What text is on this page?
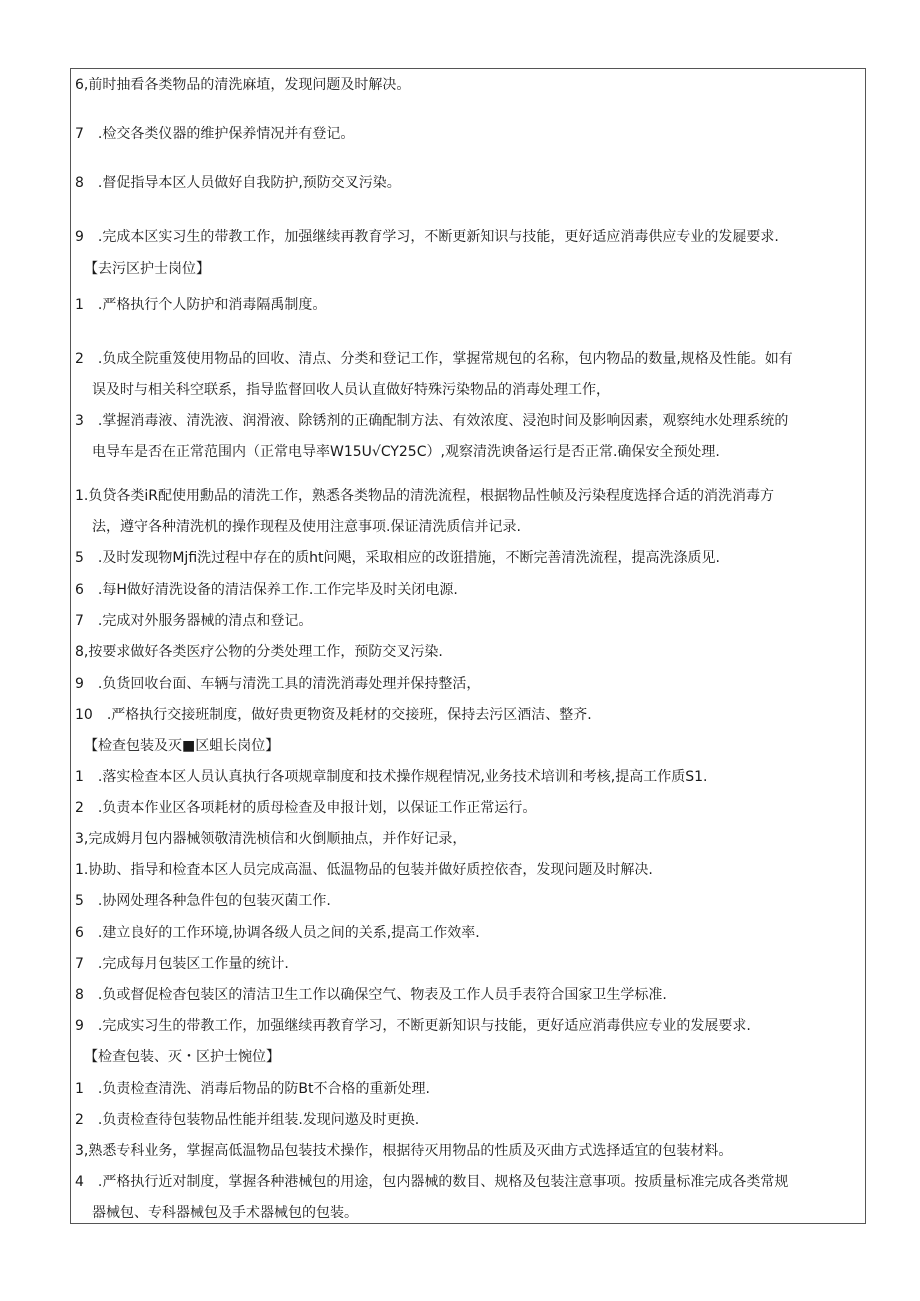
6,前时抽看各类物品的清洗麻埴，发现问题及时解决。
7　.检交各类仪器的维护保养情况并有登记。
8　.督促指导本区人员做好自我防护,预防交叉污染。
9　.完成本区实习生的带教工作，加强继续再教育学习，不断更新知识与技能，更好适应消毒供应专业的发屣要求.
【去污区护士岗位】
1　.严格执行个人防护和消毒隔禹制度。
2　.负成全院重笈使用物品的回收、清点、分类和登记工作，掌握常规包的名称，包内物品的数量,规格及性能。如有
误及时与相关科空联系，指导监督回收人员认直做好特殊污染物品的消毒处理工作，
3　.掌握消毒液、清洗液、润滑液、除锈剂的正确配制方法、有效浓度、浸泡时间及影响因素，观察纯水处理系统的
电导车是否在正常范围内（正常电导率W15U√CY25C）,观察清洗谀备运行是否正常.确保安全预处理.
1.负贷各类iR配使用勳品的清洗工作，熟悉各类物品的清洗流程，根据物品性帧及污染程度选择合适的消洗消毒方
法，遵守各种清洗机的操作现程及使用注意事项.保证清洗质信并记录.
5　.及时发现物Mjfi洗过程中存在的质ht问飓，采取相应的改诳措施，不断完善清洗流程，提高洗涤质见.
6　.每H做好清洗设备的清洁保养工作.工作完毕及时关闭电源.
7　.完成对外服务器械的清点和登记。
8,按要求做好各类医疗公物的分类处理工作，预防交叉污染.
9　.负货回收台面、车辆与清洗工具的清洗消毒处理并保持整活，
10　.严格执行交接班制度，做好贵更物资及耗材的交接班，保持去污区酒洁、整齐.
【检查包装及灭■区蛆长岗位】
1　.落实检查本区人员认真执行各项规章制度和技术操作规程情况,业务技术培训和考核,提高工作质S1.
2　.负责本作业区各项耗材的质母检查及申报计划，以保证工作正常运行。
3,完成姆月包内器械领敬清洗桢信和火倒顺抽点，并作好记录，
1.协助、指导和检査本区人员完成高温、低温物品的包装并做好质控依杳，发现问题及时解决.
5　.协网处理各种急件包的包装灭菌工作.
6　.建立良好的工作环境,协调各级人员之间的关系,提高工作效率.
7　.完成每月包装区工作量的统计.
8　.负或督促检杳包装区的清洁卫生工作以确保空气、物表及工作人员手表符合国家卫生学标准.
9　.完成实习生的带教工作，加强继续再教育学习，不断更新知识与技能，更好适应消毒供应专业的发展要求.
【检查包装、灭・区护士惋位】
1　.负责检查清洗、消毒后物品的防Bt不合格的重新处理.
2　.负责检查待包装物品性能并组装.发现问遨及时更换.
3,熟悉专科业务，掌握高低温物品包装技术操作，根据待灭用物品的性质及灭曲方式选择适宜的包装材料。
4　.严格执行近对制度，掌握各种港械包的用途，包内器械的数目、规格及包装注意事项。按质量标准完成各类常规
器械包、专科器械包及手术器械包的包装。
